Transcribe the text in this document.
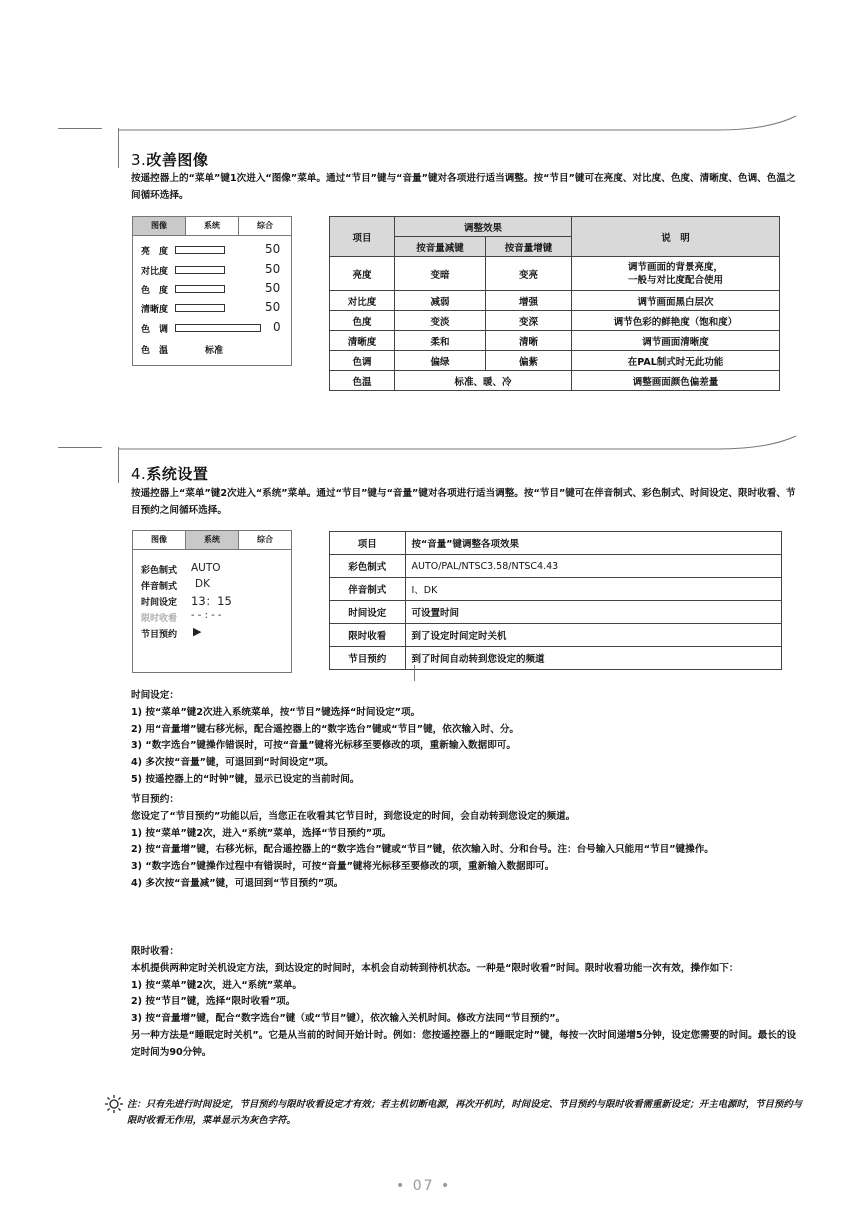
3.改善图像
按遥控器上的“菜单”键1次进入“图像”菜单。通过“节目”键与“音量”键对各项进行适当调整。按“节目”键可在亮度、对比度、色度、清晰度、色调、色温之间循环选择。
图像	系统	综合
亮　度	50
对比度	50
色　度	50
清晰度	50
色　调	0
色　温	标准
项目	调整效果		说　明
	按音量减键	按音量增键	
亮度	变暗	变亮	调节画面的背景亮度，
一般与对比度配合使用
对比度	减弱	增强	调节画面黑白层次
色度	变淡	变深	调节色彩的鲜艳度（饱和度）
清晰度	柔和	清晰	调节画面清晰度
色调	偏绿	偏紫	在PAL制式时无此功能
色温	标准、暖、冷		调整画面颜色偏差量
4.系统设置
按遥控器上“菜单”键2次进入“系统”菜单。通过“节目”键与“音量”键对各项进行适当调整。按“节目”键可在伴音制式、彩色制式、时间设定、限时收看、节目预约之间循环选择。
图像	系统	综合
彩色制式 AUTO
伴音制式 DK
时间设定 13：15
限时收看 - - : - -
节目预约 ▶
项目	按“音量”键调整各项效果
彩色制式	AUTO/PAL/NTSC3.58/NTSC4.43
伴音制式	I、DK
时间设定	可设置时间
限时收看	到了设定时间定时关机
节目预约	到了时间自动转到您设定的频道

时间设定：

1) 按“菜单”键2次进入系统菜单，按“节目”键选择“时间设定”项。

2) 用“音量增”键右移光标，配合遥控器上的“数字选台”键或“节目”键，依次输入时、分。

3) “数字选台”键操作错误时，可按“音量”键将光标移至要修改的项，重新输入数据即可。

4) 多次按“音量”键，可退回到“时间设定”项。

5) 按遥控器上的“时钟”键，显示已设定的当前时间。

节目预约：

您设定了“节目预约”功能以后，当您正在收看其它节目时，到您设定的时间，会自动转到您设定的频道。

1) 按“菜单”键2次，进入“系统”菜单，选择“节目预约”项。

2) 按“音量增”键，右移光标，配合遥控器上的“数字选台”键或“节目”键，依次输入时、分和台号。注：台号输入只能用“节目”键操作。

3) “数字选台”键操作过程中有错误时，可按“音量”键将光标移至要修改的项，重新输入数据即可。

4) 多次按“音量减”键，可退回到“节目预约”项。

限时收看：

本机提供两种定时关机设定方法，到达设定的时间时，本机会自动转到待机状态。一种是“限时收看”时间。限时收看功能一次有效，操作如下：

1) 按“菜单”键2次，进入“系统”菜单。

2) 按“节目”键，选择“限时收看”项。

3) 按“音量增”键，配合“数字选台”键（或“节目”键），依次输入关机时间。修改方法同“节目预约”。

另一种方法是“睡眠定时关机”。它是从当前的时间开始计时。例如：您按遥控器上的“睡眠定时”键，每按一次时间递增5分钟，设定您需要的时间。最长的设定时间为90分钟。

注：只有先进行时间设定，节目预约与限时收看设定才有效；若主机切断电源，再次开机时，时间设定、节目预约与限时收看需重新设定；开主电源时，节目预约与限时收看无作用，菜单显示为灰色字符。
• 07 •
